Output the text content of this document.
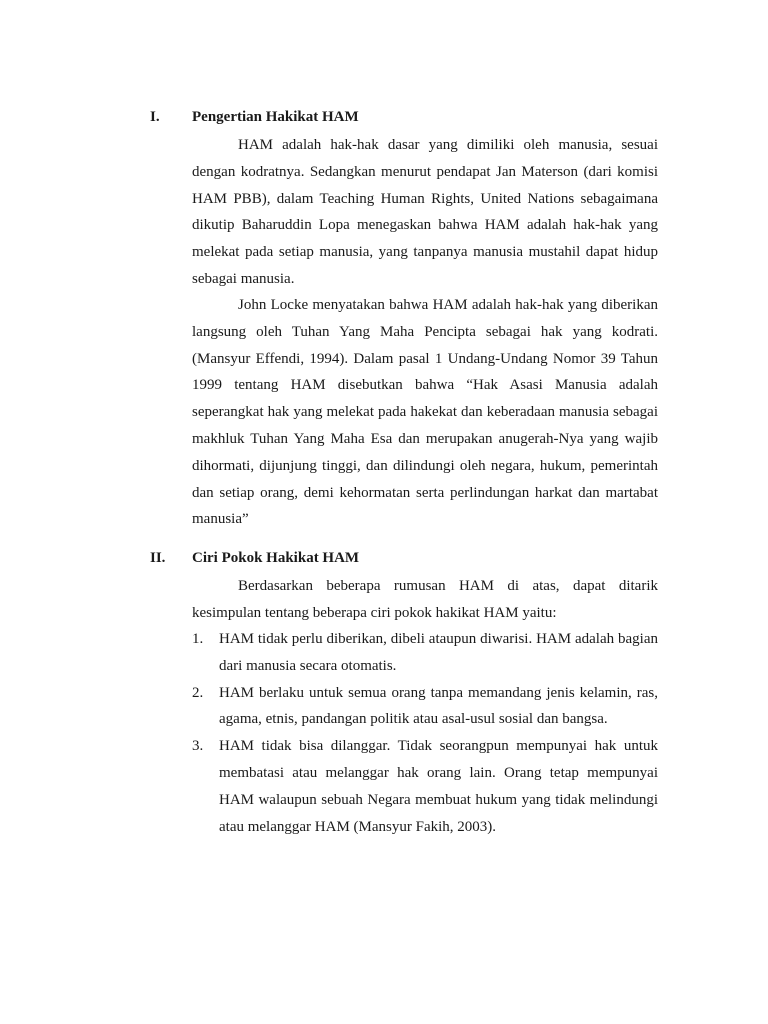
I. Pengertian Hakikat HAM

HAM adalah hak-hak dasar yang dimiliki oleh manusia, sesuai dengan kodratnya. Sedangkan menurut pendapat Jan Materson (dari komisi HAM PBB), dalam Teaching Human Rights, United Nations sebagaimana dikutip Baharuddin Lopa menegaskan bahwa HAM adalah hak-hak yang melekat pada setiap manusia, yang tanpanya manusia mustahil dapat hidup sebagai manusia.

John Locke menyatakan bahwa HAM adalah hak-hak yang diberikan langsung oleh Tuhan Yang Maha Pencipta sebagai hak yang kodrati. (Mansyur Effendi, 1994). Dalam pasal 1 Undang-Undang Nomor 39 Tahun 1999 tentang HAM disebutkan bahwa “Hak Asasi Manusia adalah seperangkat hak yang melekat pada hakekat dan keberadaan manusia sebagai makhluk Tuhan Yang Maha Esa dan merupakan anugerah-Nya yang wajib dihormati, dijunjung tinggi, dan dilindungi oleh negara, hukum, pemerintah dan setiap orang, demi kehormatan serta perlindungan harkat dan martabat manusia”

II. Ciri Pokok Hakikat HAM

Berdasarkan beberapa rumusan HAM di atas, dapat ditarik kesimpulan tentang beberapa ciri pokok hakikat HAM yaitu:

1. HAM tidak perlu diberikan, dibeli ataupun diwarisi. HAM adalah bagian dari manusia secara otomatis.
2. HAM berlaku untuk semua orang tanpa memandang jenis kelamin, ras, agama, etnis, pandangan politik atau asal-usul sosial dan bangsa.
3. HAM tidak bisa dilanggar. Tidak seorangpun mempunyai hak untuk membatasi atau melanggar hak orang lain. Orang tetap mempunyai HAM walaupun sebuah Negara membuat hukum yang tidak melindungi atau melanggar HAM (Mansyur Fakih, 2003).
